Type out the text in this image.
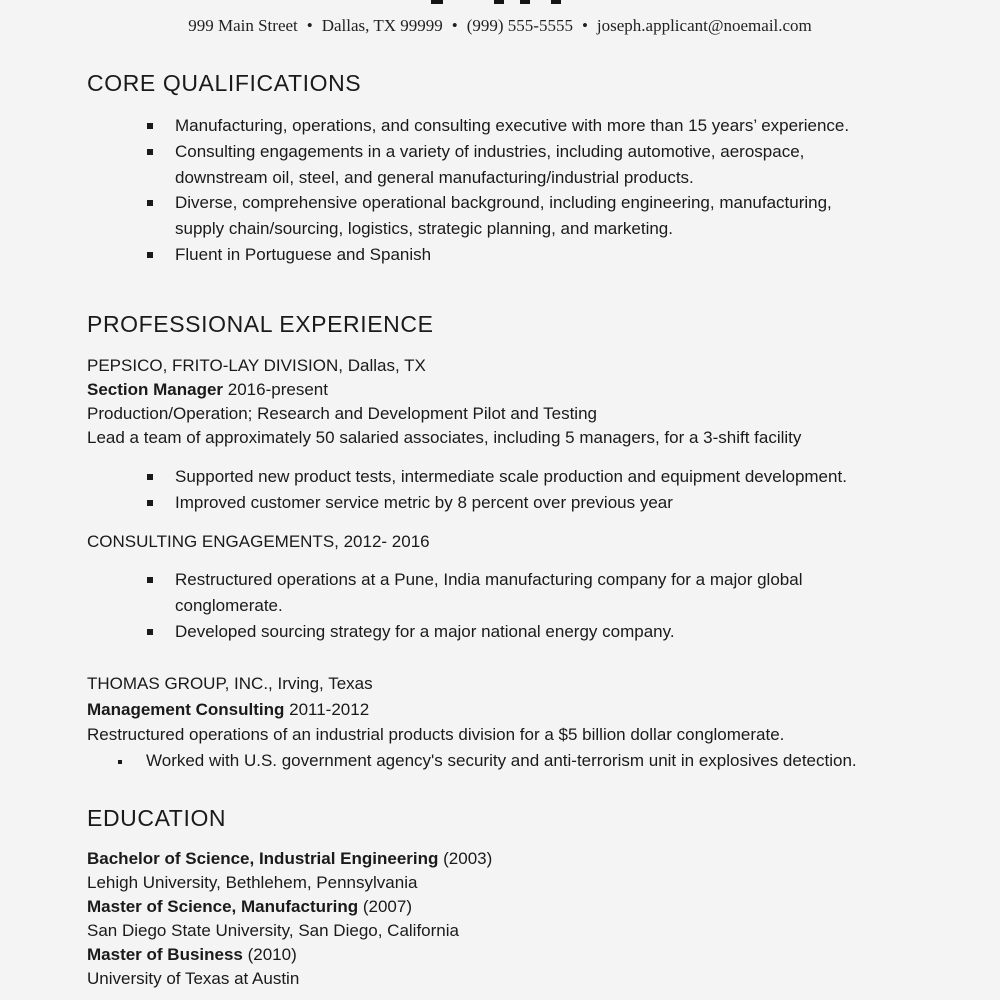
999 Main Street • Dallas, TX 99999 • (999) 555-5555 • joseph.applicant@noemail.com
CORE QUALIFICATIONS
Manufacturing, operations, and consulting executive with more than 15 years’ experience.
Consulting engagements in a variety of industries, including automotive, aerospace,
downstream oil, steel, and general manufacturing/industrial products.
Diverse, comprehensive operational background, including engineering, manufacturing,
supply chain/sourcing, logistics, strategic planning, and marketing.
Fluent in Portuguese and Spanish
PROFESSIONAL EXPERIENCE
PEPSICO, FRITO-LAY DIVISION, Dallas, TX
Section Manager 2016-present
Production/Operation; Research and Development Pilot and Testing
Lead a team of approximately 50 salaried associates, including 5 managers, for a 3-shift facility
Supported new product tests, intermediate scale production and equipment development.
Improved customer service metric by 8 percent over previous year
CONSULTING ENGAGEMENTS, 2012- 2016
Restructured operations at a Pune, India manufacturing company for a major global
conglomerate.
Developed sourcing strategy for a major national energy company.
THOMAS GROUP, INC., Irving, Texas
Management Consulting 2011-2012
Restructured operations of an industrial products division for a $5 billion dollar conglomerate.
Worked with U.S. government agency's security and anti-terrorism unit in explosives detection.
EDUCATION
Bachelor of Science, Industrial Engineering (2003)
Lehigh University, Bethlehem, Pennsylvania
Master of Science, Manufacturing (2007)
San Diego State University, San Diego, California
Master of Business (2010)
University of Texas at Austin
